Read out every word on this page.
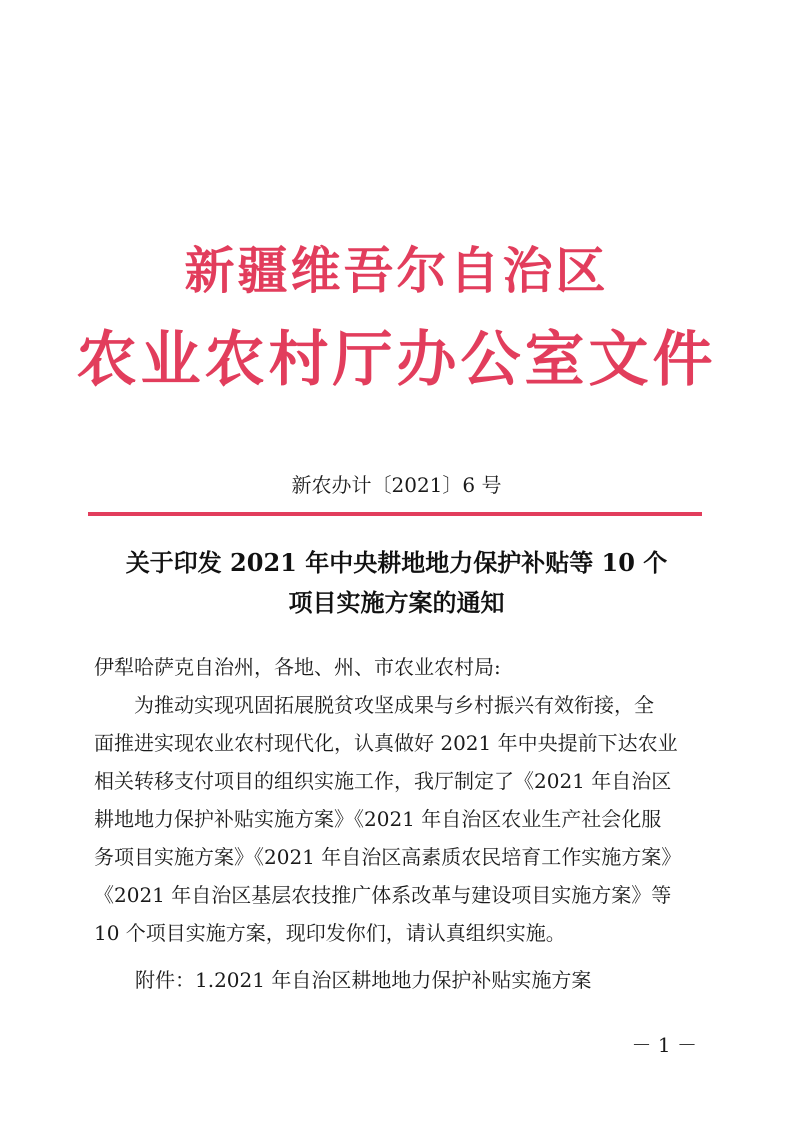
新疆维吾尔自治区
农业农村厅办公室文件
新农办计〔2021〕6 号
关于印发 2021 年中央耕地地力保护补贴等 10 个
项目实施方案的通知
伊犁哈萨克自治州，各地、州、市农业农村局:
为推动实现巩固拓展脱贫攻坚成果与乡村振兴有效衔接，全
面推进实现农业农村现代化，认真做好 2021 年中央提前下达农业
相关转移支付项目的组织实施工作，我厅制定了《2021 年自治区
耕地地力保护补贴实施方案》《2021 年自治区农业生产社会化服
务项目实施方案》《2021 年自治区高素质农民培育工作实施方案》
《2021 年自治区基层农技推广体系改革与建设项目实施方案》等
10 个项目实施方案，现印发你们，请认真组织实施。
附件：1.2021 年自治区耕地地力保护补贴实施方案
－ 1 －
